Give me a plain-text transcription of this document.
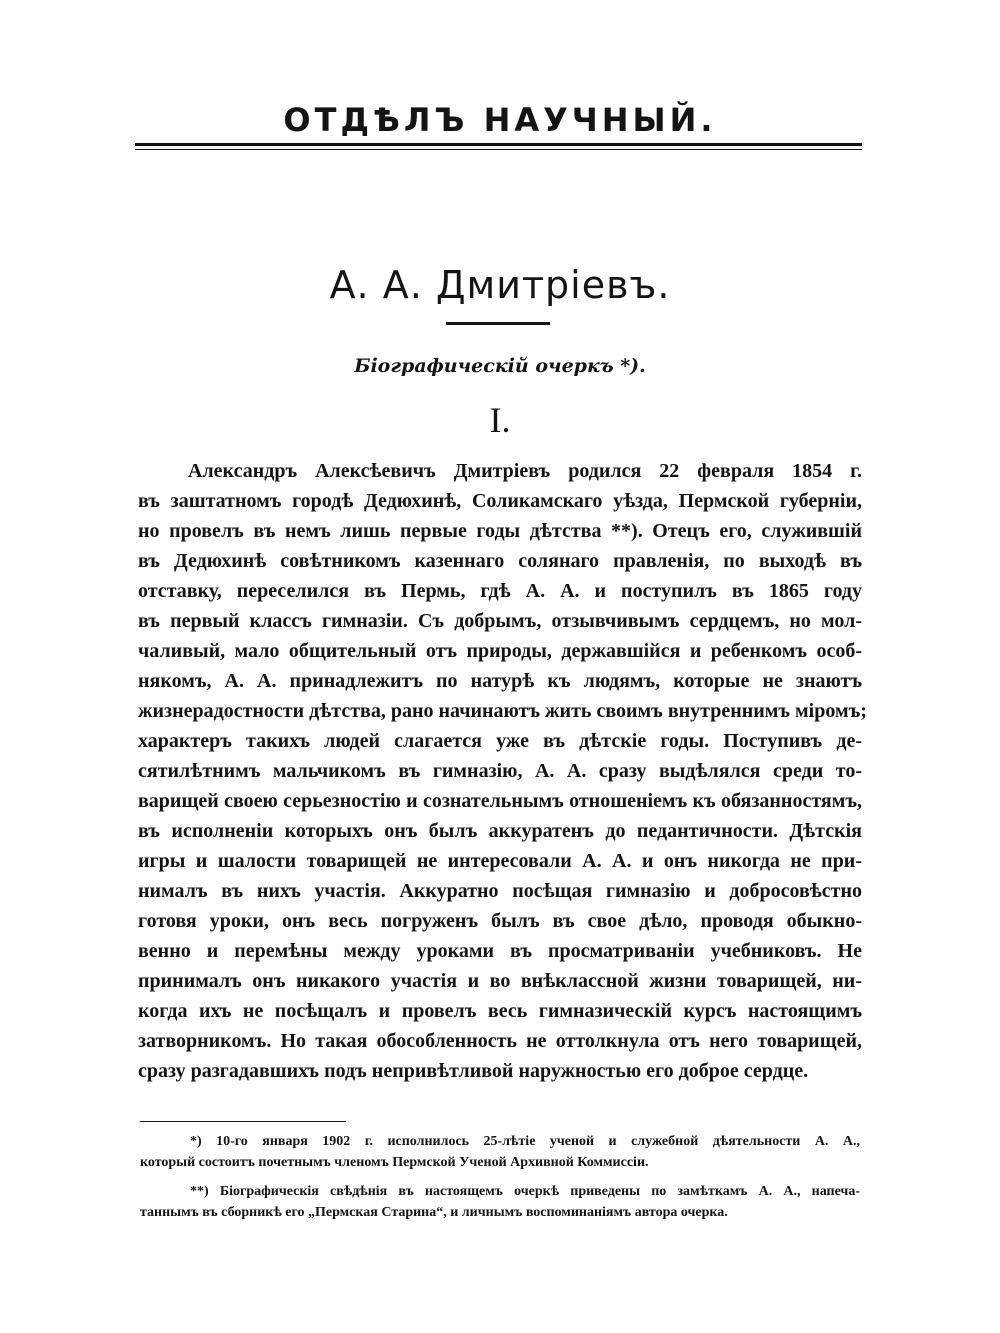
ОТДѢЛЪ НАУЧНЫЙ.
А. А. Дмитріевъ.
Біографическій очеркъ *).
I.
Александръ Алексѣевичъ Дмитріевъ родился 22 февраля 1854 г.
въ заштатномъ городѣ Дедюхинѣ, Соликамскаго уѣзда, Пермской губерніи,
но провелъ въ немъ лишь первые годы дѣтства **). Отецъ его, служившій
въ Дедюхинѣ совѣтникомъ казеннаго солянаго правленія, по выходѣ въ
отставку, переселился въ Пермь, гдѣ А. А. и поступилъ въ 1865 году
въ первый классъ гимназіи. Съ добрымъ, отзывчивымъ сердцемъ, но мол-
чаливый, мало общительный отъ природы, державшійся и ребенкомъ особ-
някомъ, А. А. принадлежитъ по натурѣ къ людямъ, которые не знаютъ
жизнерадостности дѣтства, рано начинаютъ жить своимъ внутреннимъ міромъ;
характеръ такихъ людей слагается уже въ дѣтскіе годы. Поступивъ де-
сятилѣтнимъ мальчикомъ въ гимназію, А. А. сразу выдѣлялся среди то-
варищей своею серьезностію и сознательнымъ отношеніемъ къ обязанностямъ,
въ исполненіи которыхъ онъ былъ аккуратенъ до педантичности. Дѣтскія
игры и шалости товарищей не интересовали А. А. и онъ никогда не при-
нималъ въ нихъ участія. Аккуратно посѣщая гимназію и добросовѣстно
готовя уроки, онъ весь погруженъ былъ въ свое дѣло, проводя обыкно-
венно и перемѣны между уроками въ просматриваніи учебниковъ. Не
принималъ онъ никакого участія и во внѣклассной жизни товарищей, ни-
когда ихъ не посѣщалъ и провелъ весь гимназическій курсъ настоящимъ
затворникомъ. Но такая обособленность не оттолкнула отъ него товарищей,
сразу разгадавшихъ подъ непривѣтливой наружностью его доброе сердце.
*) 10-го января 1902 г. исполнилось 25-лѣтіе ученой и служебной дѣятельности А. А.,
который состоитъ почетнымъ членомъ Пермской Ученой Архивной Коммиссіи.
**) Біографическія свѣдѣнія въ настоящемъ очеркѣ приведены по замѣткамъ А. А., напеча-
таннымъ въ сборникѣ его „Пермская Старина“, и личнымъ воспоминаніямъ автора очерка.
